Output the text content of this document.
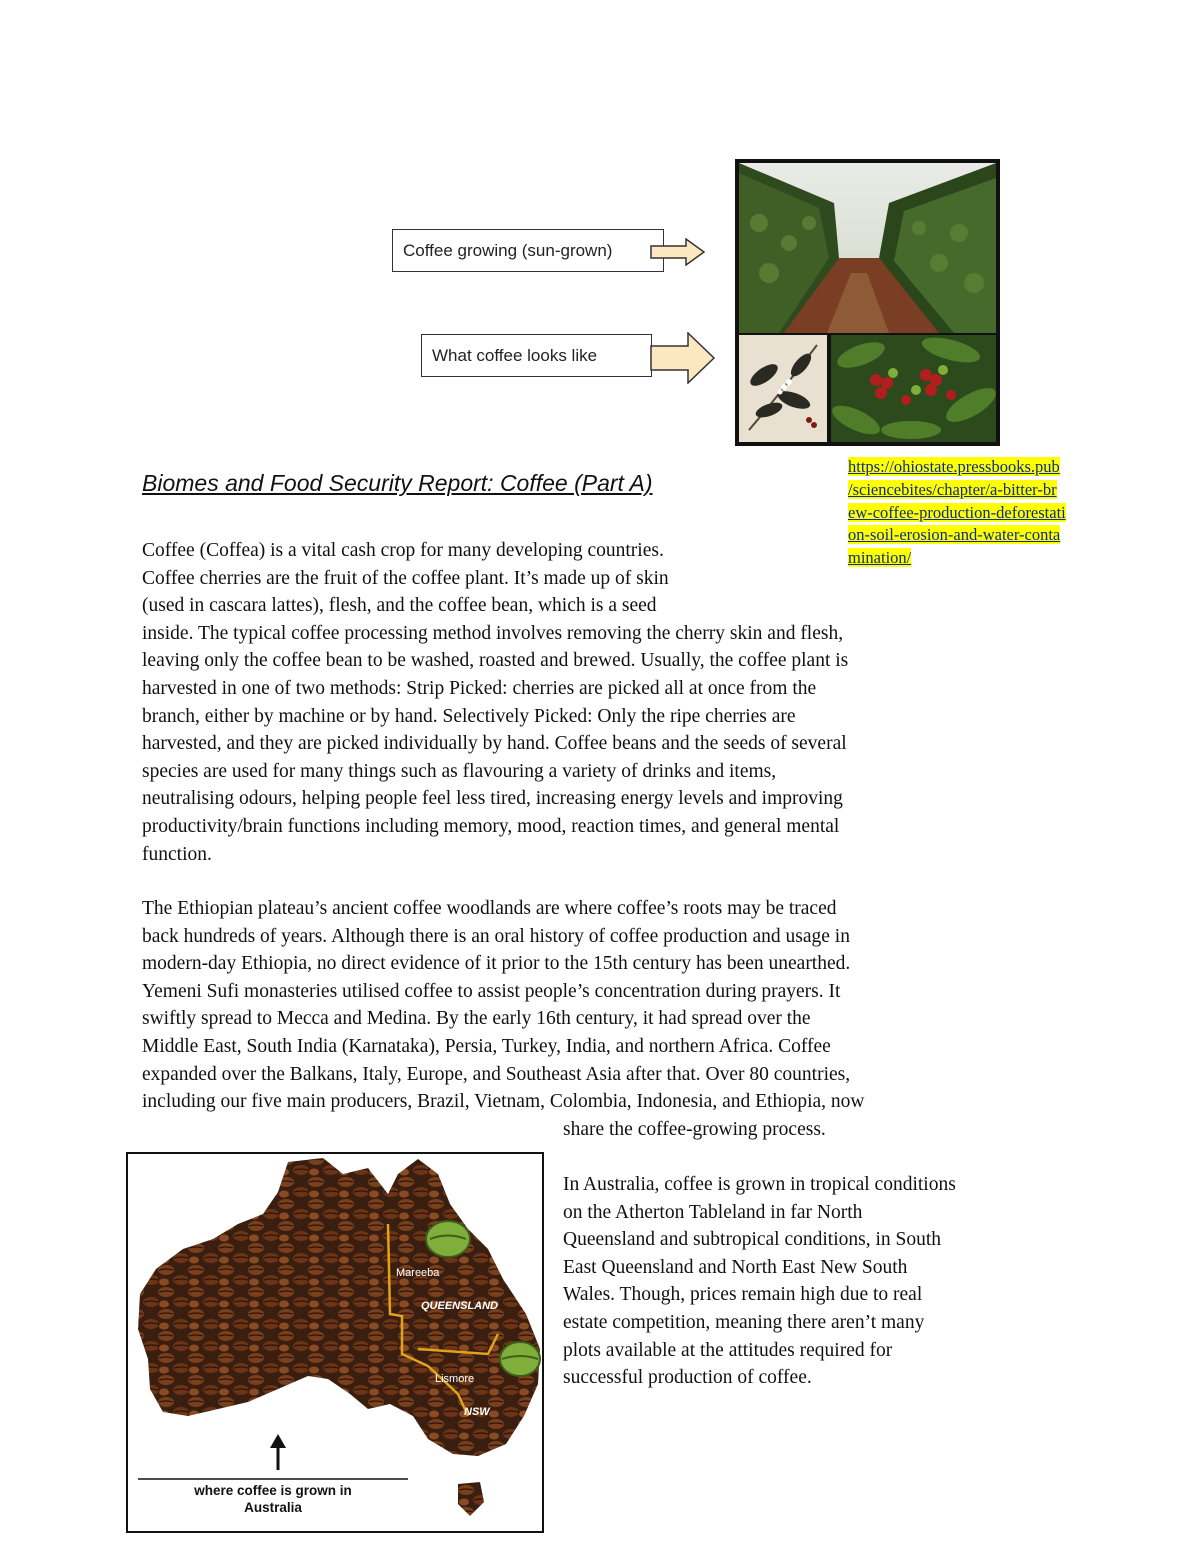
Coffee growing (sun-grown)
What coffee looks like
Biomes and Food Security Report: Coffee (Part A)
https://ohiostate.pressbooks.pub
/sciencebites/chapter/a-bitter-br
ew-coffee-production-deforestati
on-soil-erosion-and-water-conta
mination/
Coffee (Coffea) is a vital cash crop for many developing countries.
Coffee cherries are the fruit of the coffee plant. It’s made up of skin
(used in cascara lattes), flesh, and the coffee bean, which is a seed
inside. The typical coffee processing method involves removing the cherry skin and flesh,
leaving only the coffee bean to be washed, roasted and brewed. Usually, the coffee plant is
harvested in one of two methods: Strip Picked: cherries are picked all at once from the
branch, either by machine or by hand. Selectively Picked: Only the ripe cherries are
harvested, and they are picked individually by hand. Coffee beans and the seeds of several
species are used for many things such as flavouring a variety of drinks and items,
neutralising odours, helping people feel less tired, increasing energy levels and improving
productivity/brain functions including memory, mood, reaction times, and general mental
function.
The Ethiopian plateau’s ancient coffee woodlands are where coffee’s roots may be traced
back hundreds of years. Although there is an oral history of coffee production and usage in
modern-day Ethiopia, no direct evidence of it prior to the 15th century has been unearthed.
Yemeni Sufi monasteries utilised coffee to assist people’s concentration during prayers. It
swiftly spread to Mecca and Medina. By the early 16th century, it had spread over the
Middle East, South India (Karnataka), Persia, Turkey, India, and northern Africa. Coffee
expanded over the Balkans, Italy, Europe, and Southeast Asia after that. Over 80 countries,
including our five main producers, Brazil, Vietnam, Colombia, Indonesia, and Ethiopia, now
share the coffee-growing process.
In Australia, coffee is grown in tropical conditions
on the Atherton Tableland in far North
Queensland and subtropical conditions, in South
East Queensland and North East New South
Wales. Though, prices remain high due to real
estate competition, meaning there aren’t many
plots available at the attitudes required for
successful production of coffee.
Mareeba
QUEENSLAND
Lismore
NSW
where coffee is grown in
Australia
